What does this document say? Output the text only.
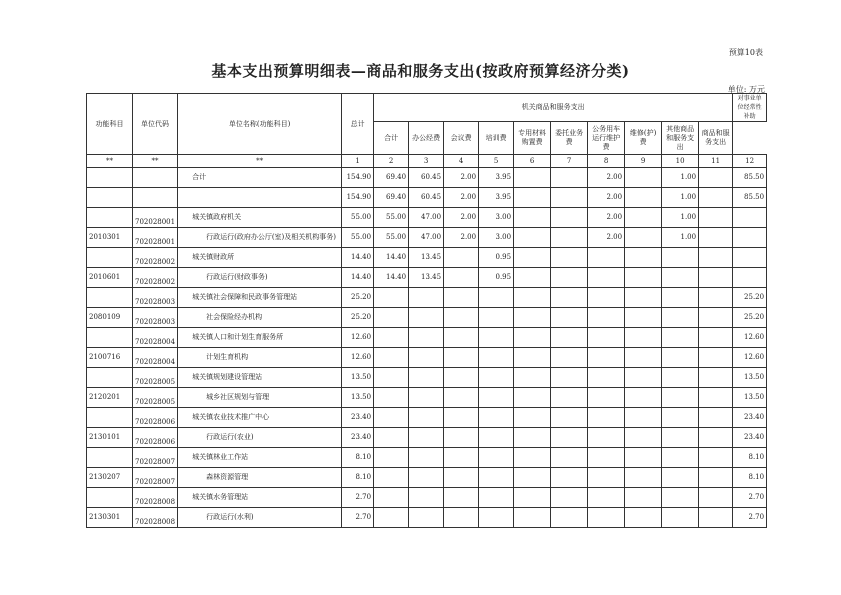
预算10表
基本支出预算明细表—商品和服务支出(按政府预算经济分类)
单位: 万元
功能科目	单位代码	单位名称(功能科目)	总计	机关商品和服务支出										对事业单位经常性补助
				合计	办公经费	会议费	培训费	专用材料购置费	委托业务费	公务用车运行维护费	维修(护)费	其他商品和服务支出	商品和服务支出	
**	**	**	1	2	3	4	5	6	7	8	9	10	11	12
		合计	154.90	69.40	60.45	2.00	3.95			2.00		1.00		85.50
			154.90	69.40	60.45	2.00	3.95			2.00		1.00		85.50
	702028001	城关镇政府机关	55.00	55.00	47.00	2.00	3.00			2.00		1.00		
2010301	702028001	行政运行(政府办公厅(室)及相关机构事务)	55.00	55.00	47.00	2.00	3.00			2.00		1.00		
	702028002	城关镇财政所	14.40	14.40	13.45		0.95							
2010601	702028002	行政运行(财政事务)	14.40	14.40	13.45		0.95							
	702028003	城关镇社会保障和民政事务管理站	25.20											25.20
2080109	702028003	社会保险经办机构	25.20											25.20
	702028004	城关镇人口和计划生育服务所	12.60											12.60
2100716	702028004	计划生育机构	12.60											12.60
	702028005	城关镇规划建设管理站	13.50											13.50
2120201	702028005	城乡社区规划与管理	13.50											13.50
	702028006	城关镇农业技术推广中心	23.40											23.40
2130101	702028006	行政运行(农业)	23.40											23.40
	702028007	城关镇林业工作站	8.10											8.10
2130207	702028007	森林资源管理	8.10											8.10
	702028008	城关镇水务管理站	2.70											2.70
2130301	702028008	行政运行(水利)	2.70											2.70
